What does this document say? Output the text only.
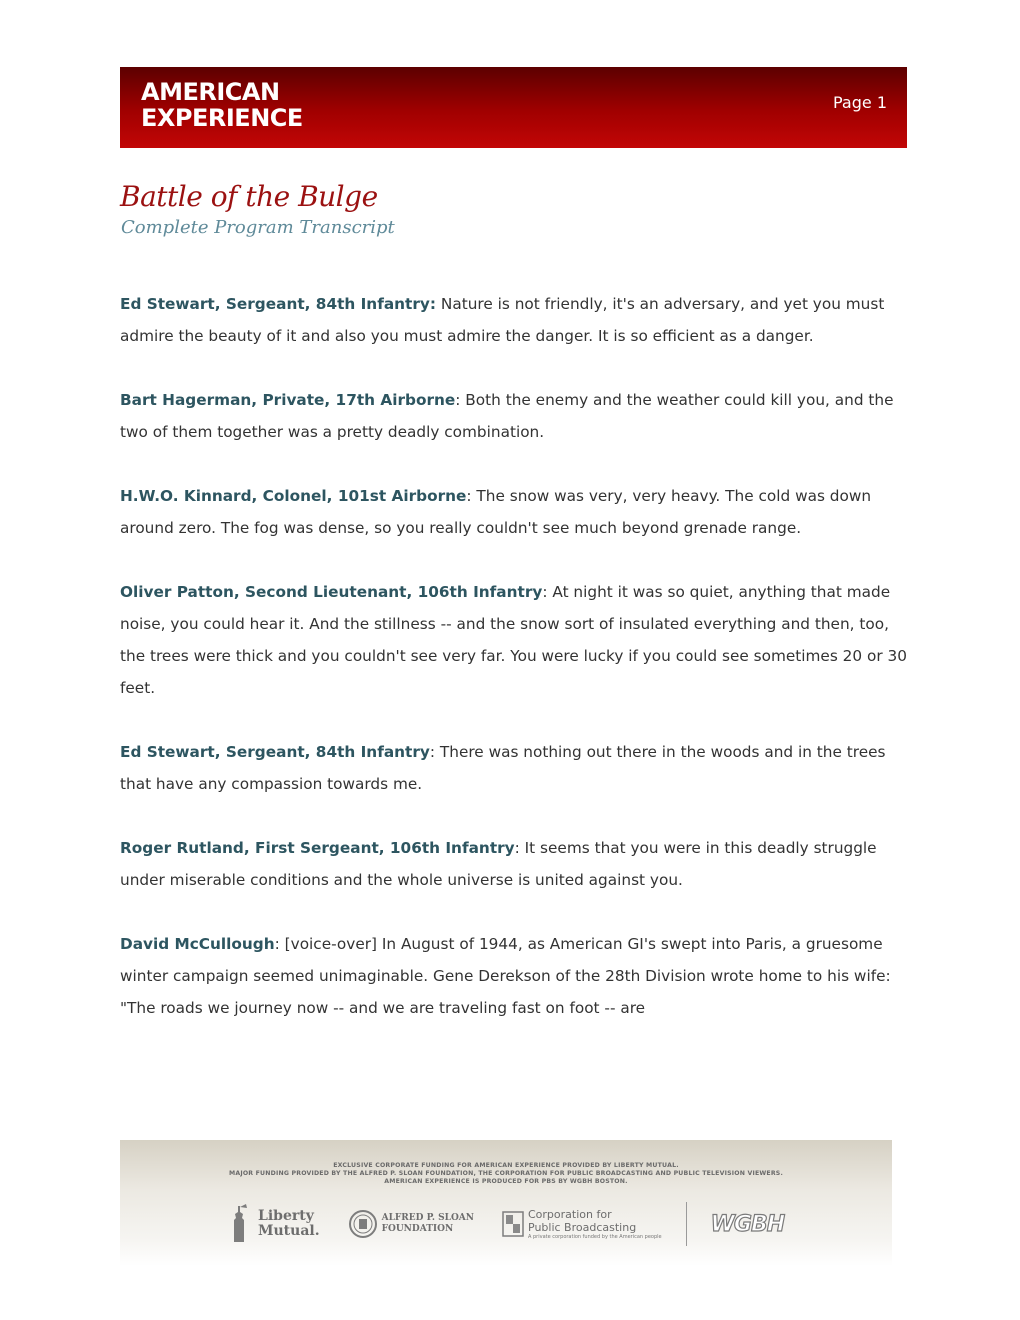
AMERICAN
EXPERIENCE
Page 1
Battle of the Bulge
Complete Program Transcript

Ed Stewart, Sergeant, 84th Infantry: Nature is not friendly, it's an adversary, and yet you must admire the beauty of it and also you must admire the danger. It is so efficient as a danger.

Bart Hagerman, Private, 17th Airborne: Both the enemy and the weather could kill you, and the two of them together was a pretty deadly combination.

H.W.O. Kinnard, Colonel, 101st Airborne: The snow was very, very heavy. The cold was down around zero. The fog was dense, so you really couldn't see much beyond grenade range.

Oliver Patton, Second Lieutenant, 106th Infantry: At night it was so quiet, anything that made noise, you could hear it. And the stillness -- and the snow sort of insulated everything and then, too, the trees were thick and you couldn't see very far. You were lucky if you could see sometimes 20 or 30 feet.

Ed Stewart, Sergeant, 84th Infantry: There was nothing out there in the woods and in the trees that have any compassion towards me.

Roger Rutland, First Sergeant, 106th Infantry: It seems that you were in this deadly struggle under miserable conditions and the whole universe is united against you.

David McCullough: [voice-over] In August of 1944, as American GI's swept into Paris, a gruesome winter campaign seemed unimaginable. Gene Derekson of the 28th Division wrote home to his wife: "The roads we journey now -- and we are traveling fast on foot -- are

EXCLUSIVE CORPORATE FUNDING FOR AMERICAN EXPERIENCE PROVIDED BY LIBERTY MUTUAL.
MAJOR FUNDING PROVIDED BY THE ALFRED P. SLOAN FOUNDATION, THE CORPORATION FOR PUBLIC BROADCASTING AND PUBLIC TELEVISION VIEWERS.
AMERICAN EXPERIENCE IS PRODUCED FOR PBS BY WGBH BOSTON.
Liberty
Mutual.
ALFRED P. SLOAN
FOUNDATION
Corporation for
Public Broadcasting
A private corporation funded by the American people
WGBH
